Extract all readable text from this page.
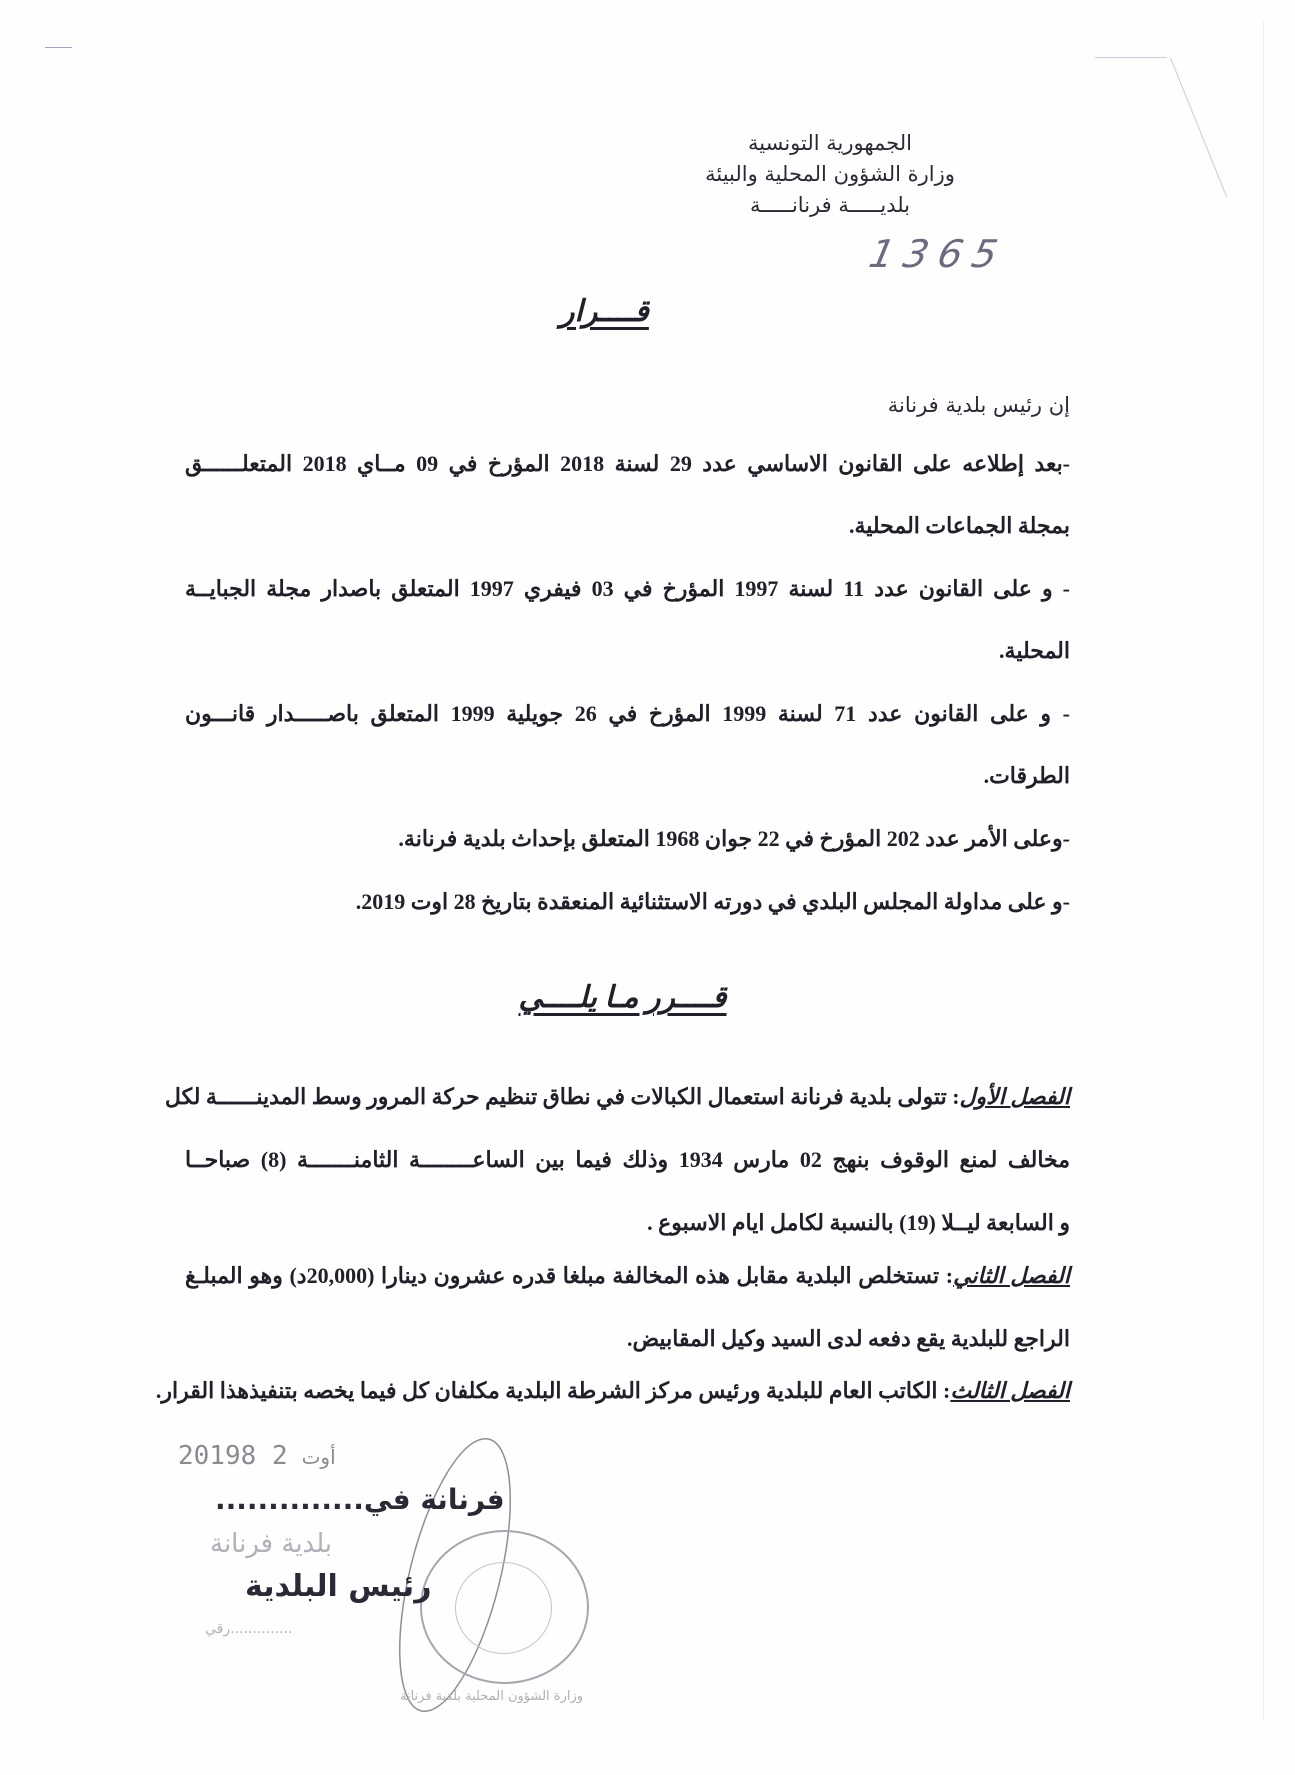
الجمهورية التونسية
وزارة الشؤون المحلية والبيئة
بلديـــــة فرنانـــــة
1365
قــــرار
إن رئيس بلدية فرنانة
-بعد إطلاعه على القانون الاساسي عدد 29 لسنة 2018 المؤرخ في 09 مــاي 2018 المتعلــــــق
بمجلة الجماعات المحلية.
- و على القانون عدد 11 لسنة 1997 المؤرخ في 03 فيفري 1997 المتعلق باصدار مجلة الجبايــة
المحلية.
- و على القانون عدد 71 لسنة 1999 المؤرخ في 26 جويلية 1999 المتعلق باصـــــدار قانـــون
الطرقات.
-وعلى الأمر عدد 202 المؤرخ في 22 جوان 1968 المتعلق بإحداث بلدية فرنانة.
-و على مداولة المجلس البلدي في دورته الاستثنائية المنعقدة بتاريخ 28 اوت 2019.
قــــرر مـا يلــــي
الفصل الأول: تتولى بلدية فرنانة استعمال الكبالات في نطاق تنظيم حركة المرور وسط المدينــــــة لكل
مخالف لمنع الوقوف بنهج 02 مارس 1934 وذلك فيما بين الساعــــــــة الثامنـــــــة (8) صباحــا
و السابعة ليــلا (19) بالنسبة لكامل ايام الاسبوع .
الفصل الثاني: تستخلص البلدية مقابل هذه المخالفة مبلغا قدره عشرون دينارا (20,000د) وهو المبلـغ
الراجع للبلدية يقع دفعه لدى السيد وكيل المقابيض.
الفصل الثالث: الكاتب العام للبلدية ورئيس مركز الشرطة البلدية مكلفان كل فيما يخصه بتنفيذهذا القرار.
2019	أوت2 8
فرنانة في..............
بلدية فرنانة
رئيس البلدية
..............رقي
وزارة الشؤون المحلية بلدية فرنانة
